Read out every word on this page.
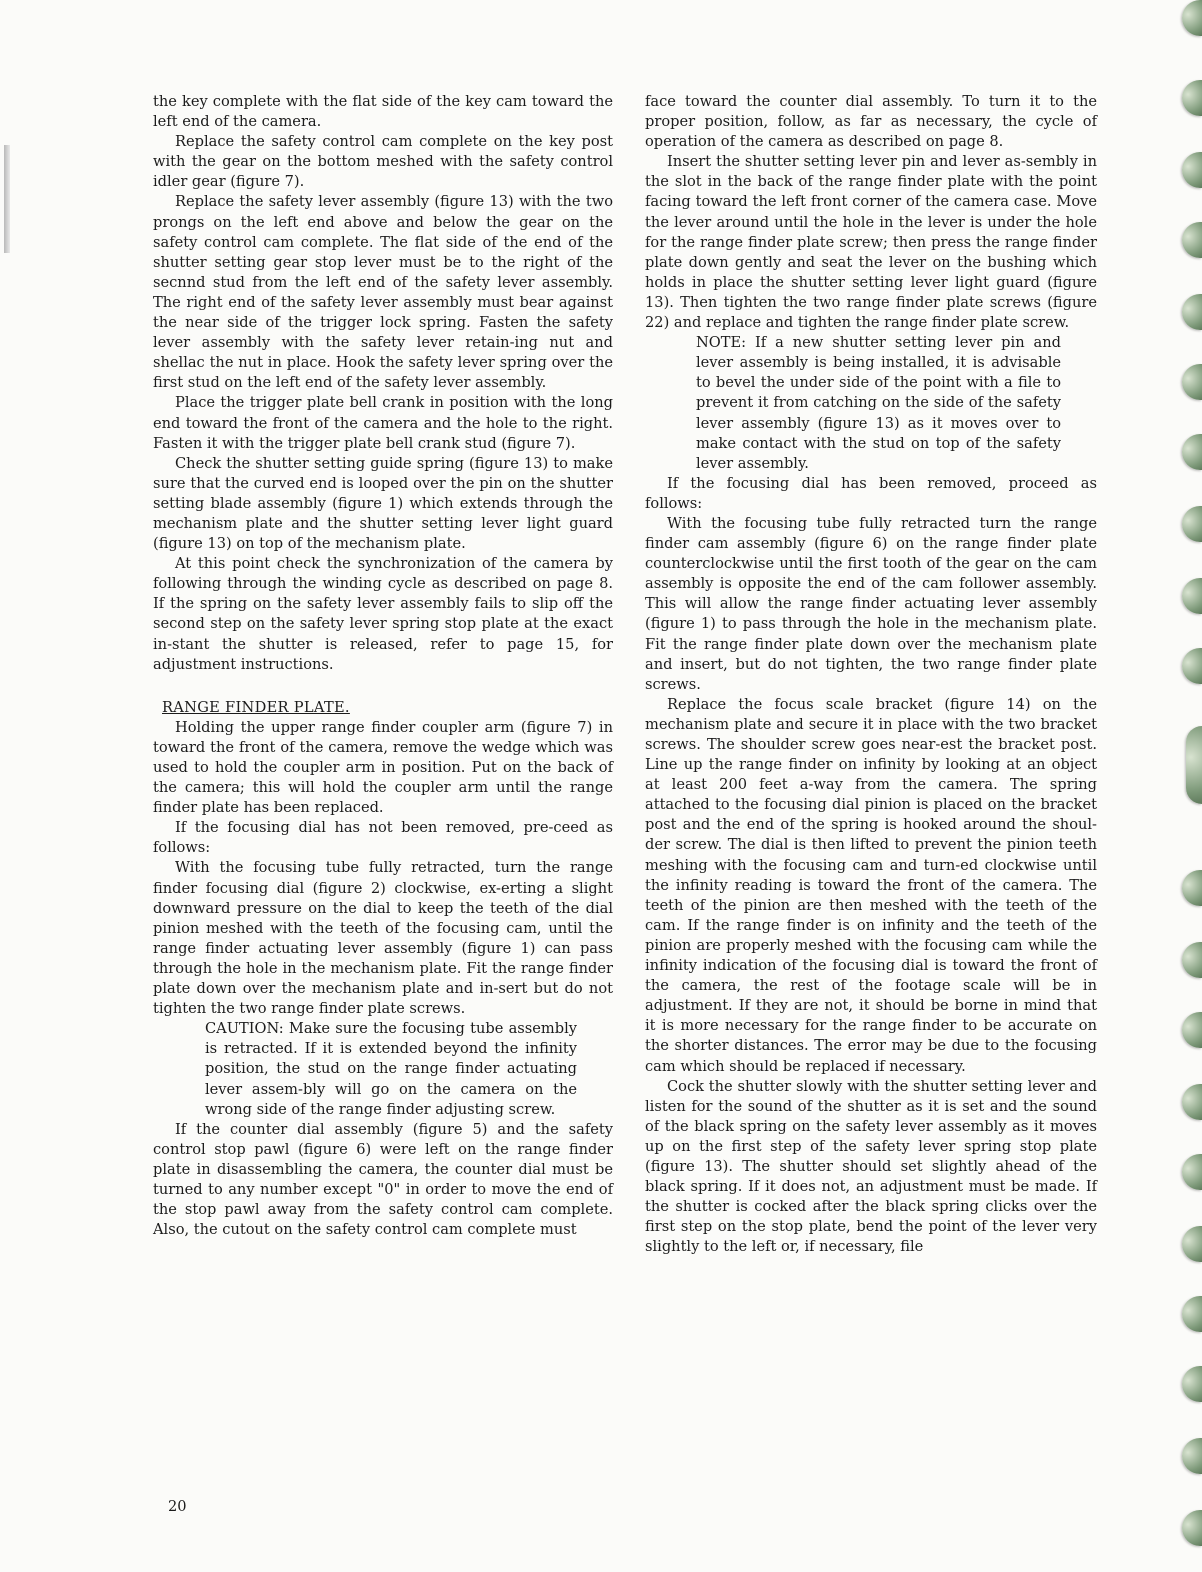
the key complete with the flat side of the key cam toward the left end of the camera.

Replace the safety control cam complete on the key post with the gear on the bottom meshed with the safety control idler gear (figure 7).

Replace the safety lever assembly (figure 13) with the two prongs on the left end above and below the gear on the safety control cam complete. The flat side of the end of the shutter setting gear stop lever must be to the right of the secnnd stud from the left end of the safety lever assembly. The right end of the safety lever assembly must bear against the near side of the trigger lock spring. Fasten the safety lever assembly with the safety lever retain-ing nut and shellac the nut in place. Hook the safety lever spring over the first stud on the left end of the safety lever assembly.

Place the trigger plate bell crank in position with the long end toward the front of the camera and the hole to the right. Fasten it with the trigger plate bell crank stud (figure 7).

Check the shutter setting guide spring (figure 13) to make sure that the curved end is looped over the pin on the shutter setting blade assembly (figure 1) which extends through the mechanism plate and the shutter setting lever light guard (figure 13) on top of the mechanism plate.

At this point check the synchronization of the camera by following through the winding cycle as described on page 8. If the spring on the safety lever assembly fails to slip off the second step on the safety lever spring stop plate at the exact in-stant the shutter is released, refer to page 15, for adjustment instructions.

RANGE FINDER PLATE.

Holding the upper range finder coupler arm (figure 7) in toward the front of the camera, remove the wedge which was used to hold the coupler arm in position. Put on the back of the camera; this will hold the coupler arm until the range finder plate has been replaced.

If the focusing dial has not been removed, pre-ceed as follows:

With the focusing tube fully retracted, turn the range finder focusing dial (figure 2) clockwise, ex-erting a slight downward pressure on the dial to keep the teeth of the dial pinion meshed with the teeth of the focusing cam, until the range finder actuating lever assembly (figure 1) can pass through the hole in the mechanism plate. Fit the range finder plate down over the mechanism plate and in-sert but do not tighten the two range finder plate screws.

CAUTION: Make sure the focusing tube assembly is retracted. If it is extended beyond the infinity position, the stud on the range finder actuating lever assem-bly will go on the camera on the wrong side of the range finder adjusting screw.

If the counter dial assembly (figure 5) and the safety control stop pawl (figure 6) were left on the range finder plate in disassembling the camera, the counter dial must be turned to any number except "0" in order to move the end of the stop pawl away from the safety control cam complete. Also, the cutout on the safety control cam complete must

face toward the counter dial assembly. To turn it to the proper position, follow, as far as necessary, the cycle of operation of the camera as described on page 8.

Insert the shutter setting lever pin and lever as-sembly in the slot in the back of the range finder plate with the point facing toward the left front corner of the camera case. Move the lever around until the hole in the lever is under the hole for the range finder plate screw; then press the range finder plate down gently and seat the lever on the bushing which holds in place the shutter setting lever light guard (figure 13). Then tighten the two range finder plate screws (figure 22) and replace and tighten the range finder plate screw.

NOTE: If a new shutter setting lever pin and lever assembly is being installed, it is advisable to bevel the under side of the point with a file to prevent it from catching on the side of the safety lever assembly (figure 13) as it moves over to make contact with the stud on top of the safety lever assembly.

If the focusing dial has been removed, proceed as follows:

With the focusing tube fully retracted turn the range finder cam assembly (figure 6) on the range finder plate counterclockwise until the first tooth of the gear on the cam assembly is opposite the end of the cam follower assembly. This will allow the range finder actuating lever assembly (figure 1) to pass through the hole in the mechanism plate. Fit the range finder plate down over the mechanism plate and insert, but do not tighten, the two range finder plate screws.

Replace the focus scale bracket (figure 14) on the mechanism plate and secure it in place with the two bracket screws. The shoulder screw goes near-est the bracket post. Line up the range finder on infinity by looking at an object at least 200 feet a-way from the camera. The spring attached to the focusing dial pinion is placed on the bracket post and the end of the spring is hooked around the shoul-der screw. The dial is then lifted to prevent the pinion teeth meshing with the focusing cam and turn-ed clockwise until the infinity reading is toward the front of the camera. The teeth of the pinion are then meshed with the teeth of the cam. If the range finder is on infinity and the teeth of the pinion are properly meshed with the focusing cam while the infinity indication of the focusing dial is toward the front of the camera, the rest of the footage scale will be in adjustment. If they are not, it should be borne in mind that it is more necessary for the range finder to be accurate on the shorter distances. The error may be due to the focusing cam which should be replaced if necessary.

Cock the shutter slowly with the shutter setting lever and listen for the sound of the shutter as it is set and the sound of the black spring on the safety lever assembly as it moves up on the first step of the safety lever spring stop plate (figure 13). The shutter should set slightly ahead of the black spring. If it does not, an adjustment must be made. If the shutter is cocked after the black spring clicks over the first step on the stop plate, bend the point of the lever very slightly to the left or, if necessary, file

20
